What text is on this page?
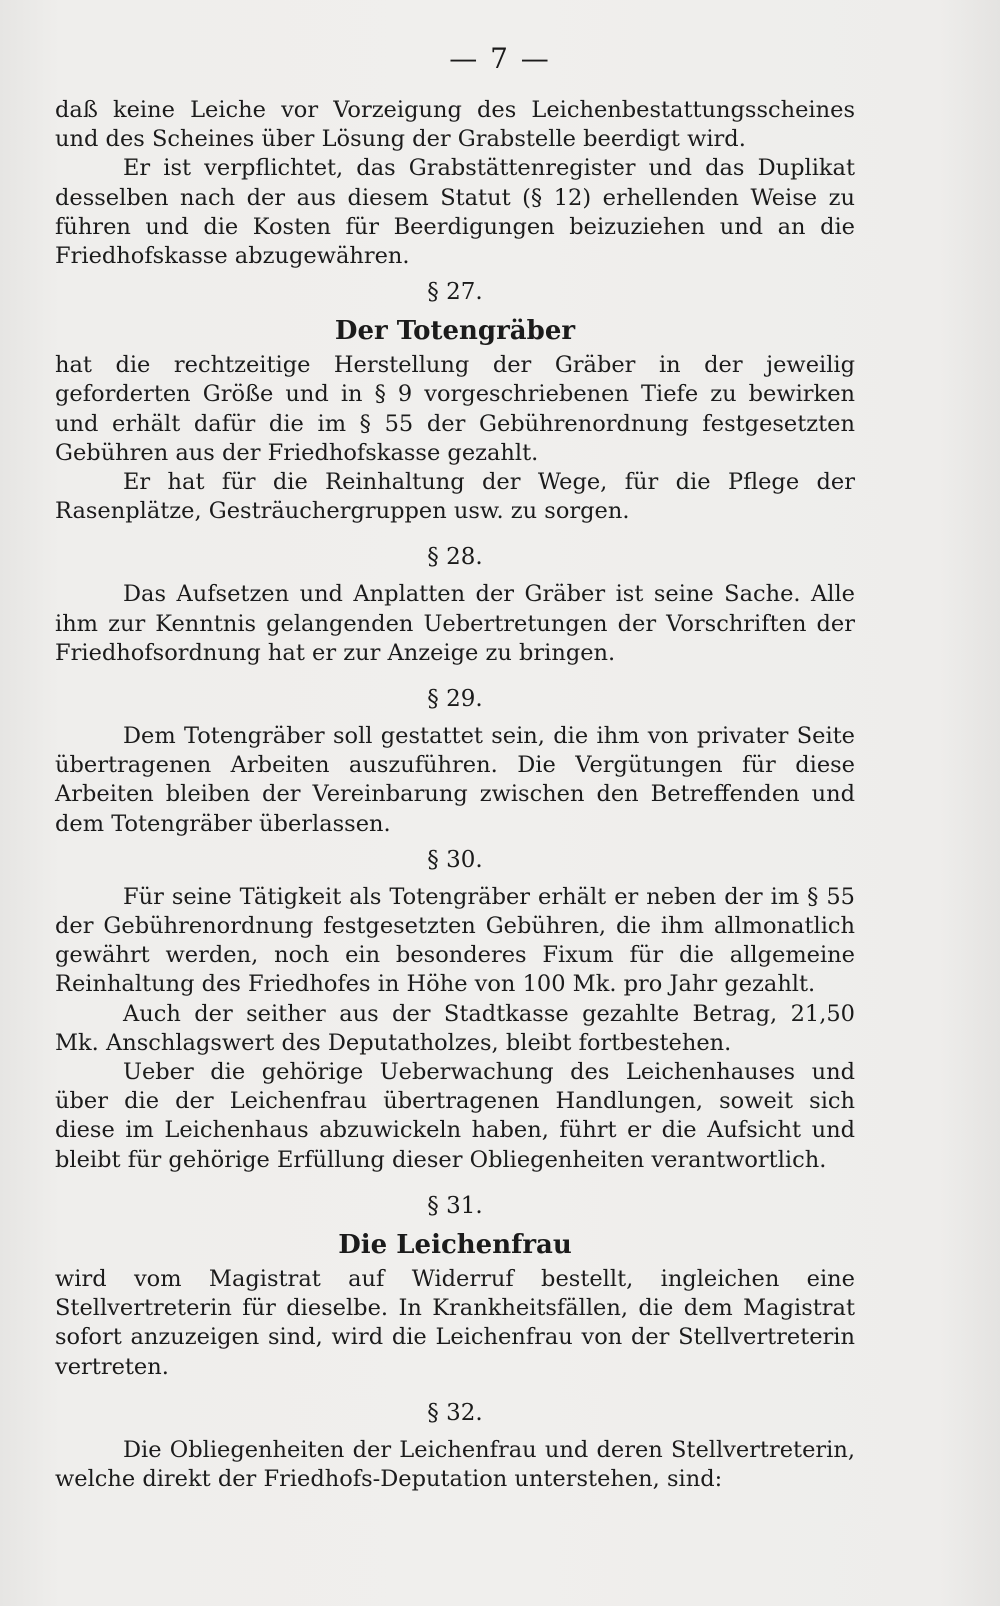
— 7 —

daß keine Leiche vor Vorzeigung des Leichenbestattungsscheines und des Scheines über Lösung der Grabstelle beerdigt wird.

Er ist verpflichtet, das Grabstättenregister und das Duplikat desselben nach der aus diesem Statut (§ 12) erhellenden Weise zu führen und die Kosten für Beerdigungen beizuziehen und an die Friedhofskasse abzugewähren.

§ 27.
Der Totengräber

hat die rechtzeitige Herstellung der Gräber in der jeweilig geforderten Größe und in § 9 vorgeschriebenen Tiefe zu bewirken und erhält dafür die im § 55 der Gebührenordnung festgesetzten Gebühren aus der Friedhofskasse gezahlt.

Er hat für die Reinhaltung der Wege, für die Pflege der Rasenplätze, Gesträuchergruppen usw. zu sorgen.

§ 28.

Das Aufsetzen und Anplatten der Gräber ist seine Sache. Alle ihm zur Kenntnis gelangenden Uebertretungen der Vorschriften der Friedhofsordnung hat er zur Anzeige zu bringen.

§ 29.

Dem Totengräber soll gestattet sein, die ihm von privater Seite übertragenen Arbeiten auszuführen. Die Vergütungen für diese Arbeiten bleiben der Vereinbarung zwischen den Betreffenden und dem Totengräber überlassen.

§ 30.

Für seine Tätigkeit als Totengräber erhält er neben der im § 55 der Gebührenordnung festgesetzten Gebühren, die ihm allmonatlich gewährt werden, noch ein besonderes Fixum für die allgemeine Reinhaltung des Friedhofes in Höhe von 100 Mk. pro Jahr gezahlt.

Auch der seither aus der Stadtkasse gezahlte Betrag, 21,50 Mk. Anschlagswert des Deputatholzes, bleibt fortbestehen.

Ueber die gehörige Ueberwachung des Leichenhauses und über die der Leichenfrau übertragenen Handlungen, soweit sich diese im Leichenhaus abzuwickeln haben, führt er die Aufsicht und bleibt für gehörige Erfüllung dieser Obliegenheiten verantwortlich.

§ 31.
Die Leichenfrau

wird vom Magistrat auf Widerruf bestellt, ingleichen eine Stellvertreterin für dieselbe. In Krankheitsfällen, die dem Magistrat sofort anzuzeigen sind, wird die Leichenfrau von der Stellvertreterin vertreten.

§ 32.

Die Obliegenheiten der Leichenfrau und deren Stellvertreterin, welche direkt der Friedhofs-Deputation unterstehen, sind:
